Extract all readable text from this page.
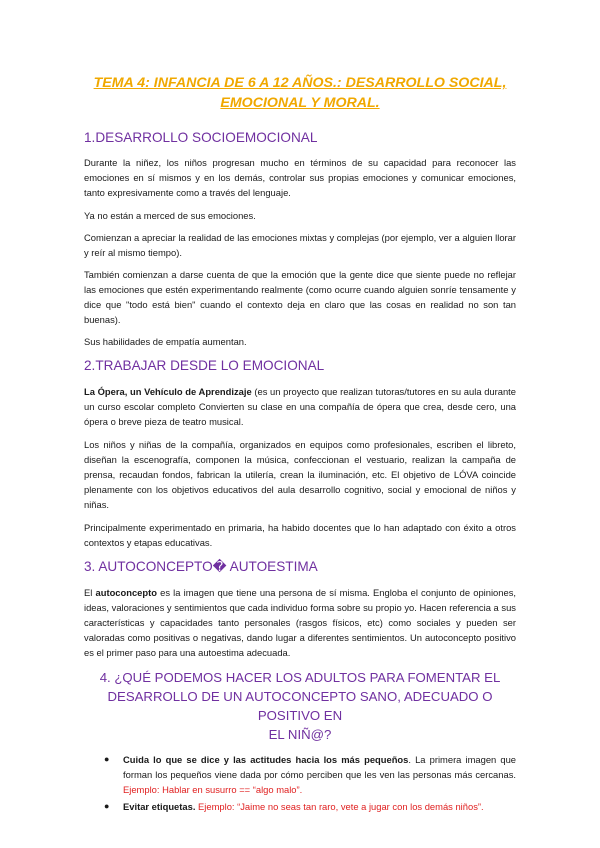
TEMA 4: INFANCIA DE 6 A 12 AÑOS.: DESARROLLO SOCIAL,
EMOCIONAL Y MORAL.
1.DESARROLLO SOCIOEMOCIONAL

Durante la niñez, los niños progresan mucho en términos de su capacidad para reconocer las emociones en sí mismos y en los demás, controlar sus propias emociones y comunicar emociones, tanto expresivamente como a través del lenguaje.

Ya no están a merced de sus emociones.

Comienzan a apreciar la realidad de las emociones mixtas y complejas (por ejemplo, ver a alguien llorar y reír al mismo tiempo).

También comienzan a darse cuenta de que la emoción que la gente dice que siente puede no reflejar las emociones que estén experimentando realmente (como ocurre cuando alguien sonríe tensamente y dice que "todo está bien" cuando el contexto deja en claro que las cosas en realidad no son tan buenas).

Sus habilidades de empatía aumentan.

2.TRABAJAR DESDE LO EMOCIONAL

La Ópera, un Vehículo de Aprendizaje (es un proyecto que realizan tutoras/tutores en su aula durante un curso escolar completo Convierten su clase en una compañía de ópera que crea, desde cero, una ópera o breve pieza de teatro musical.

Los niños y niñas de la compañía, organizados en equipos como profesionales, escriben el libreto, diseñan la escenografía, componen la música, confeccionan el vestuario, realizan la campaña de prensa, recaudan fondos, fabrican la utilería, crean la iluminación, etc. El objetivo de LÓVA coincide plenamente con los objetivos educativos del aula desarrollo cognitivo, social y emocional de niños y niñas.

Principalmente experimentado en primaria, ha habido docentes que lo han adaptado con éxito a otros contextos y etapas educativas.

3. AUTOCONCEPTO� AUTOESTIMA

El autoconcepto es la imagen que tiene una persona de sí misma. Engloba el conjunto de opiniones, ideas, valoraciones y sentimientos que cada individuo forma sobre su propio yo. Hacen referencia a sus características y capacidades tanto personales (rasgos físicos, etc) como sociales y pueden ser valoradas como positivas o negativas, dando lugar a diferentes sentimientos. Un autoconcepto positivo es el primer paso para una autoestima adecuada.

4. ¿QUÉ PODEMOS HACER LOS ADULTOS PARA FOMENTAR EL
DESARROLLO DE UN AUTOCONCEPTO SANO, ADECUADO O POSITIVO EN
EL NIÑ@?
● Cuida lo que se dice y las actitudes hacia los más pequeños. La primera imagen que forman los pequeños viene dada por cómo perciben que les ven las personas más cercanas. Ejemplo: Hablar en susurro == “algo malo”.
● Evitar etiquetas. Ejemplo: “Jaime no seas tan raro, vete a jugar con los demás niños”.
